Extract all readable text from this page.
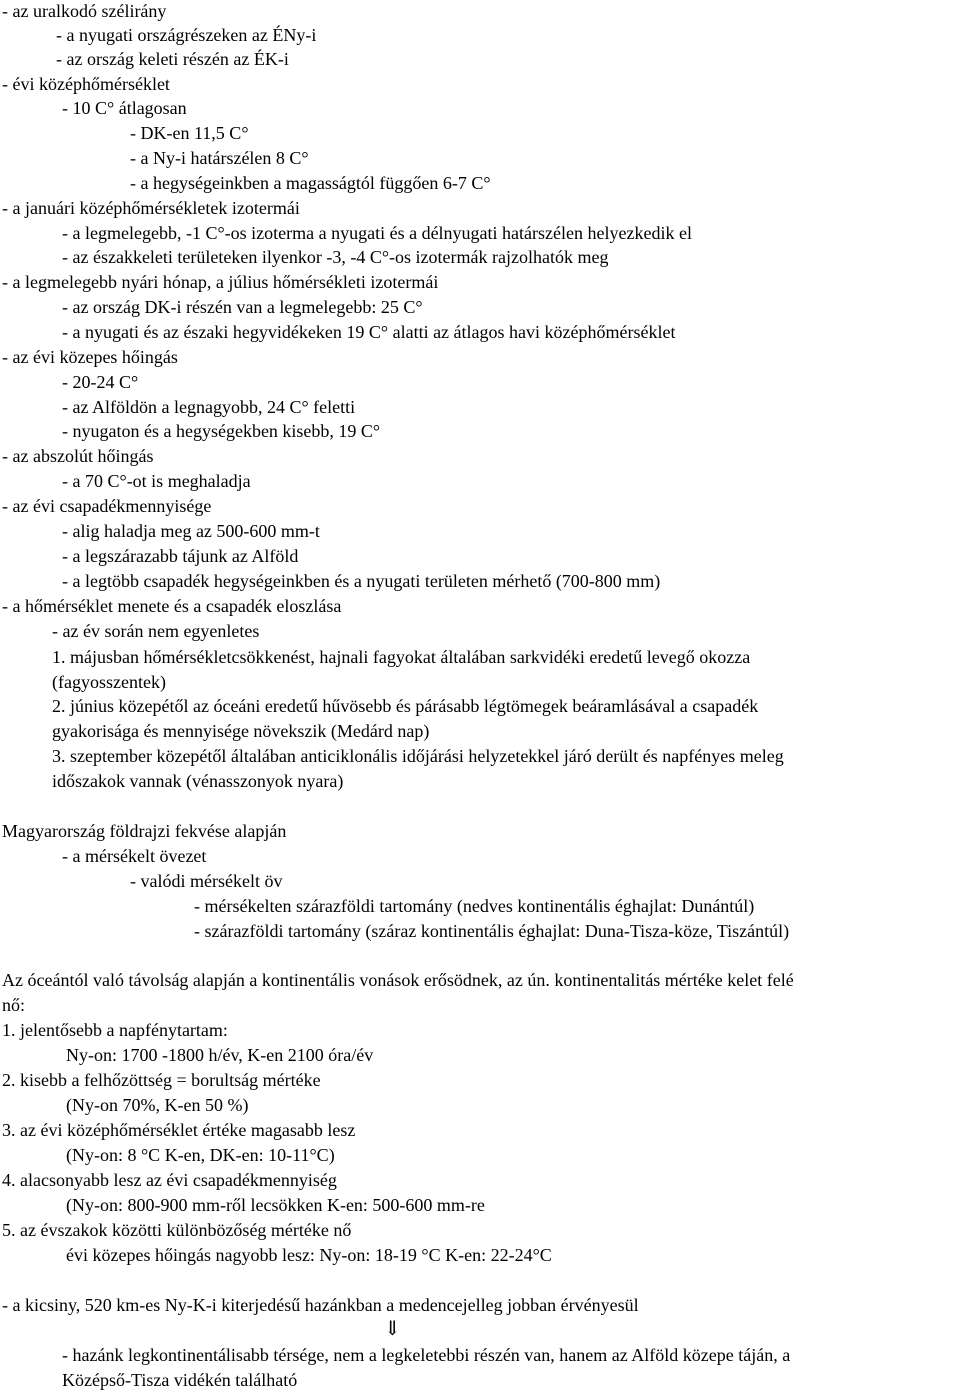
- az uralkodó szélirány
- a nyugati országrészeken az ÉNy-i
- az ország keleti részén az ÉK-i
- évi középhőmérséklet
- 10 C° átlagosan
- DK-en 11,5 C°
- a Ny-i határszélen 8 C°
- a hegységeinkben a magasságtól függően 6-7 C°
- a januári középhőmérsékletek izotermái
- a legmelegebb, -1 C°-os izoterma a nyugati és a délnyugati határszélen helyezkedik el
- az északkeleti területeken ilyenkor -3, -4 C°-os izotermák rajzolhatók meg
- a legmelegebb nyári hónap, a július hőmérsékleti izotermái
- az ország DK-i részén van a legmelegebb: 25 C°
- a nyugati és az északi hegyvidékeken 19 C° alatti az átlagos havi középhőmérséklet
- az évi közepes hőingás
- 20-24 C°
- az Alföldön a legnagyobb, 24 C° feletti
- nyugaton és a hegységekben kisebb, 19 C°
- az abszolút hőingás
- a 70 C°-ot is meghaladja
- az évi csapadékmennyisége
- alig haladja meg az 500-600 mm-t
- a legszárazabb tájunk az Alföld
- a legtöbb csapadék hegységeinkben és a nyugati területen mérhető (700-800 mm)
- a hőmérséklet menete és a csapadék eloszlása
- az év során nem egyenletes
1. májusban hőmérsékletcsökkenést, hajnali fagyokat általában sarkvidéki eredetű levegő okozza
(fagyosszentek)
2. június közepétől az óceáni eredetű hűvösebb és párásabb légtömegek beáramlásával a csapadék
gyakorisága és mennyisége növekszik (Medárd nap)
3. szeptember közepétől általában anticiklonális időjárási helyzetekkel járó derült és napfényes meleg
időszakok vannak (vénasszonyok nyara)
Magyarország földrajzi fekvése alapján
- a mérsékelt övezet
- valódi mérsékelt öv
- mérsékelten szárazföldi tartomány (nedves kontinentális éghajlat: Dunántúl)
- szárazföldi tartomány (száraz kontinentális éghajlat: Duna-Tisza-köze, Tiszántúl)
Az óceántól való távolság alapján a kontinentális vonások erősödnek, az ún. kontinentalitás mértéke kelet felé
nő:
1. jelentősebb a napfénytartam:
Ny-on: 1700 -1800 h/év, K-en 2100 óra/év
2. kisebb a felhőzöttség = borultság mértéke
(Ny-on 70%, K-en 50 %)
3. az évi középhőmérséklet értéke magasabb lesz
(Ny-on: 8 °C K-en, DK-en: 10-11°C)
4. alacsonyabb lesz az évi csapadékmennyiség
(Ny-on: 800-900 mm-ről lecsökken K-en: 500-600 mm-re
5. az évszakok közötti különbözőség mértéke nő
évi közepes hőingás nagyobb lesz: Ny-on: 18-19 °C K-en: 22-24°C
- a kicsiny, 520 km-es Ny-K-i kiterjedésű hazánkban a medencejelleg jobban érvényesül
⇓
- hazánk legkontinentálisabb térsége, nem a legkeletebbi részén van, hanem az Alföld közepe táján, a
Középső-Tisza vidékén található
